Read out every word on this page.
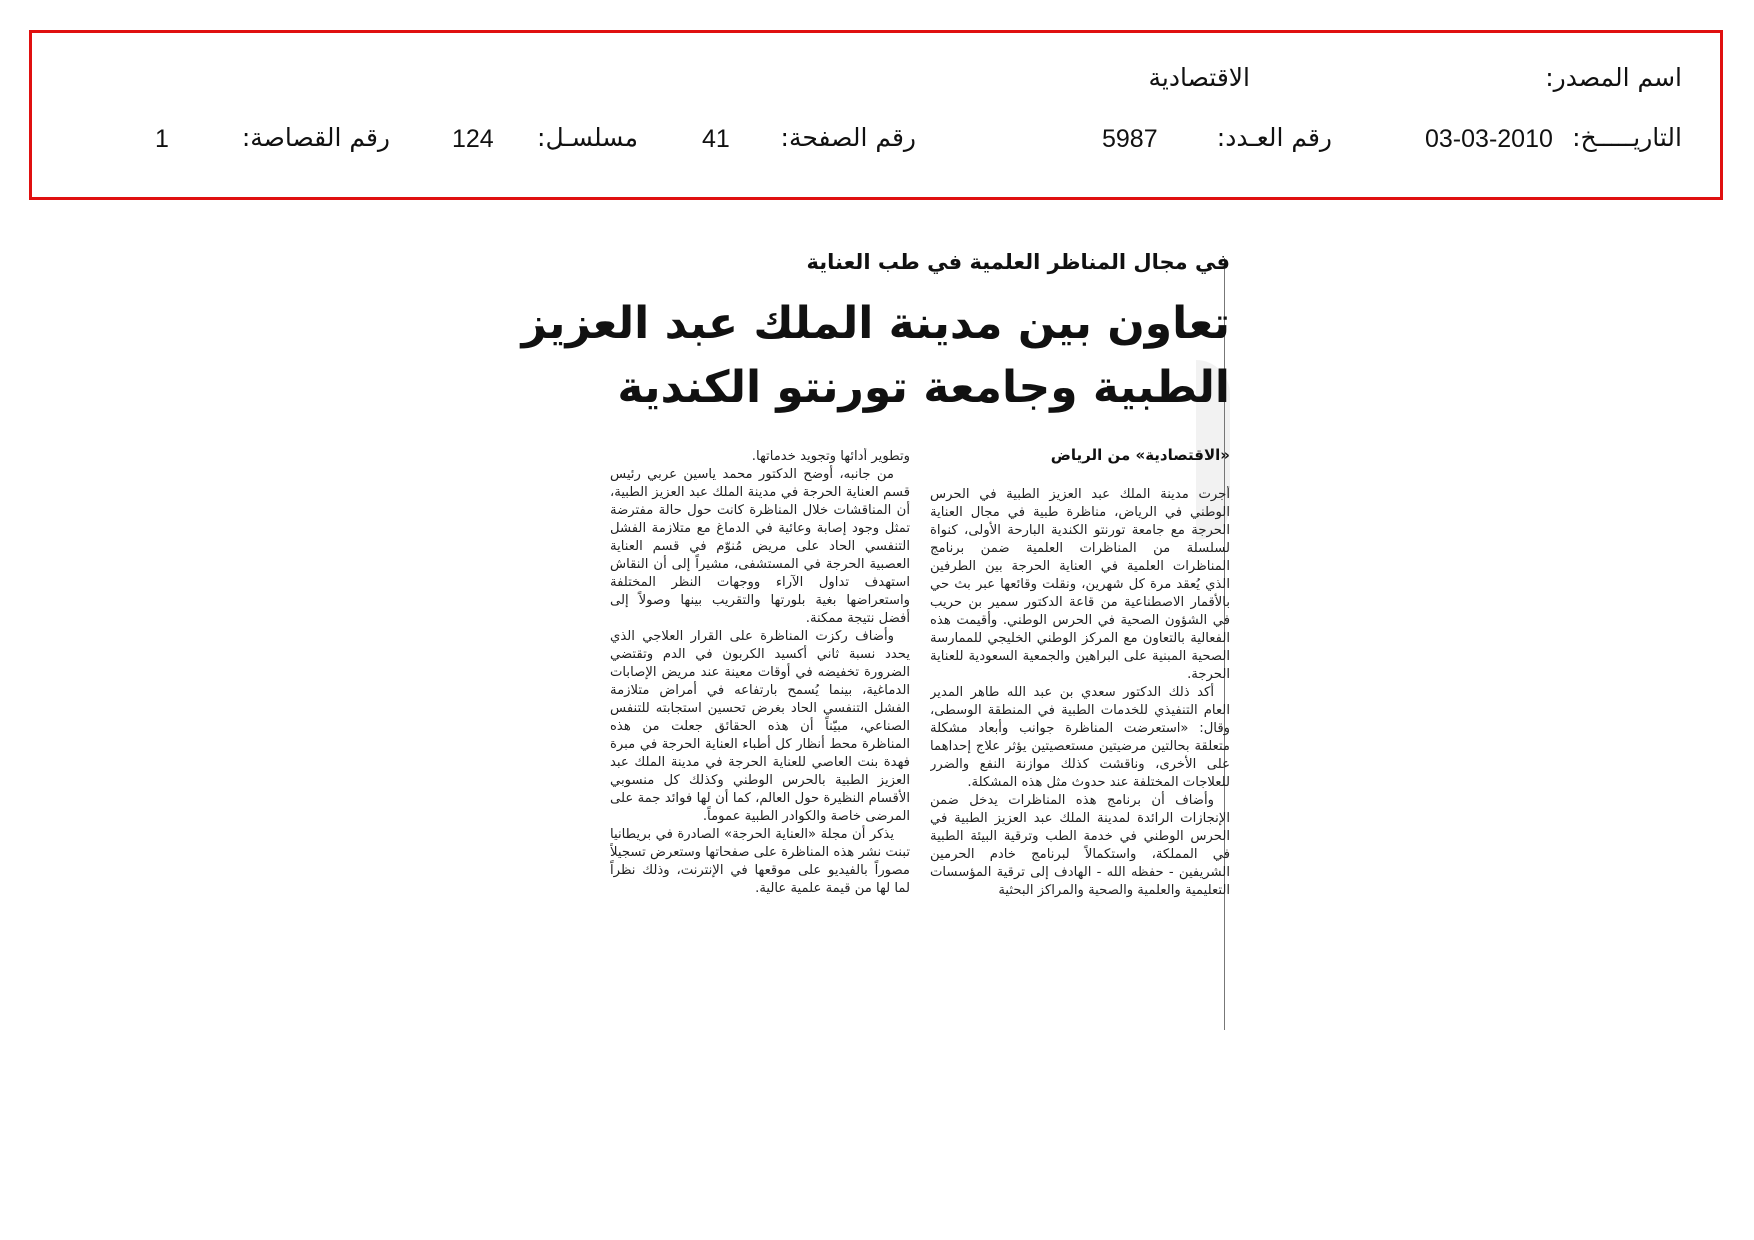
اسم المصدر:
الاقتصادية
التاريـــــخ:
03-03-2010
رقم العـدد:
5987
رقم الصفحة:
41
مسلسـل:
124
رقم القصاصة:
1
في مجال المناظر العلمية في طب العناية
تعاون بين مدينة الملك عبد العزيز
الطبية وجامعة تورنتو الكندية
«الاقتصادية» من الرياض

أجرت مدينة الملك عبد العزيز الطبية في الحرس الوطني في الرياض، مناظرة طبية في مجال العناية الحرجة مع جامعة تورنتو الكندية البارحة الأولى، كنواة لسلسلة من المناظرات العلمية ضمن برنامج المناظرات العلمية في العناية الحرجة بين الطرفين الذي يُعقد مرة كل شهرين، ونقلت وقائعها عبر بث حي بالأقمار الاصطناعية من قاعة الدكتور سمير بن حريب في الشؤون الصحية في الحرس الوطني. وأقيمت هذه الفعالية بالتعاون مع المركز الوطني الخليجي للممارسة الصحية المبنية على البراهين والجمعية السعودية للعناية الحرجة.

أكد ذلك الدكتور سعدي بن عبد الله طاهر المدير العام التنفيذي للخدمات الطبية في المنطقة الوسطى، وقال: «استعرضت المناظرة جوانب وأبعاد مشكلة متعلقة بحالتين مرضيتين مستعصيتين يؤثر علاج إحداهما على الأخرى، وناقشت كذلك موازنة النفع والضرر للعلاجات المختلفة عند حدوث مثل هذه المشكلة.

وأضاف أن برنامج هذه المناظرات يدخل ضمن الإنجازات الرائدة لمدينة الملك عبد العزيز الطبية في الحرس الوطني في خدمة الطب وترقية البيئة الطبية في المملكة، واستكمالاً لبرنامج خادم الحرمين الشريفين - حفظه الله - الهادف إلى ترقية المؤسسات التعليمية والعلمية والصحية والمراكز البحثية

وتطوير أدائها وتجويد خدماتها.

من جانبه، أوضح الدكتور محمد ياسين عربي رئيس قسم العناية الحرجة في مدينة الملك عبد العزيز الطبية، أن المناقشات خلال المناظرة كانت حول حالة مفترضة تمثل وجود إصابة وعائية في الدماغ مع متلازمة الفشل التنفسي الحاد على مريض مُنوّم في قسم العناية العصبية الحرجة في المستشفى، مشيراً إلى أن النقاش استهدف تداول الآراء ووجهات النظر المختلفة واستعراضها بغية بلورتها والتقريب بينها وصولاً إلى أفضل نتيجة ممكنة.

وأضاف ركزت المناظرة على القرار العلاجي الذي يحدد نسبة ثاني أكسيد الكربون في الدم وتقتضي الضرورة تخفيضه في أوقات معينة عند مريض الإصابات الدماغية، بينما يُسمح بارتفاعه في أمراض متلازمة الفشل التنفسي الحاد بغرض تحسين استجابته للتنفس الصناعي، مبيّناً أن هذه الحقائق جعلت من هذه المناظرة محط أنظار كل أطباء العناية الحرجة في مبرة فهدة بنت العاصي للعناية الحرجة في مدينة الملك عبد العزيز الطبية بالحرس الوطني وكذلك كل منسوبي الأقسام النظيرة حول العالم، كما أن لها فوائد جمة على المرضى خاصة والكوادر الطبية عموماً.

يذكر أن مجلة «العناية الحرجة» الصادرة في بريطانيا تبنت نشر هذه المناظرة على صفحاتها وستعرض تسجيلاً مصوراً بالفيديو على موقعها في الإنترنت، وذلك نظراً لما لها من قيمة علمية عالية.
